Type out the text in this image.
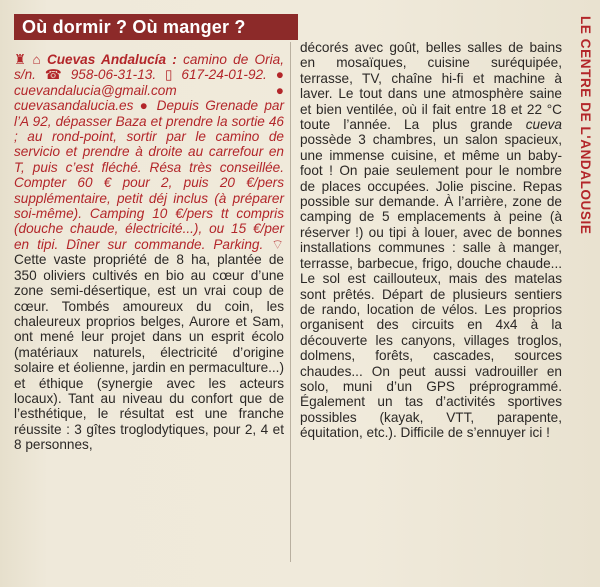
Où dormir ? Où manger ?
♜ ⌂ Cuevas Andalucía : camino de Oria, s/n. ☎ 958-06-31-13. ▯ 617-24-01-92. ● cuevandalucia@gmail.com	● cuevasandalucia.es ● Depuis Grenade par l’A 92, dépasser Baza et prendre la sortie 46 ; au rond-point, sortir par le camino de servicio et prendre à droite au carrefour en T, puis c’est fléché. Résa très conseillée. Compter 60 € pour 2, puis 20 €/pers supplémentaire, petit déj inclus (à préparer soi-même). Camping 10 €/pers tt compris (douche chaude, électricité...), ou 15 €/per en tipi. Dîner sur commande. Parking. ⌔ Cette vaste propriété de 8 ha, plantée de 350 oliviers cultivés en bio au cœur d’une zone semi-désertique, est un vrai coup de cœur. Tombés amoureux du coin, les chaleureux proprios belges, Aurore et Sam, ont mené leur projet dans un esprit écolo (matériaux naturels, électricité d’origine solaire et éolienne, jardin en permaculture...) et éthique (synergie avec les acteurs locaux). Tant au niveau du confort que de l’esthétique, le résultat est une franche réussite : 3 gîtes troglodytiques, pour 2, 4 et 8 personnes,
décorés avec goût, belles salles de bains en mosaïques, cuisine suréquipée, terrasse, TV, chaîne hi-fi et machine à laver. Le tout dans une atmosphère saine et bien ventilée, où il fait entre 18 et 22 °C toute l’année. La plus grande cueva possède 3 chambres, un salon spacieux, une immense cuisine, et même un baby-foot ! On paie seulement pour le nombre de places occupées. Jolie piscine. Repas possible sur demande. À l’arrière, zone de camping de 5 emplacements à peine (à réserver !) ou tipi à louer, avec de bonnes installations communes : salle à manger, terrasse, barbecue, frigo, douche chaude... Le sol est caillouteux, mais des matelas sont prêtés. Départ de plusieurs sentiers de rando, location de vélos. Les proprios organisent des circuits en 4x4 à la découverte les canyons, villages troglos, dolmens, forêts, cascades, sources chaudes... On peut aussi vadrouiller en solo, muni d’un GPS préprogrammé. Également un tas d’activités sportives possibles (kayak, VTT, parapente, équitation, etc.). Difficile de s’ennuyer ici !
LE CENTRE DE L'ANDALOUSIE
